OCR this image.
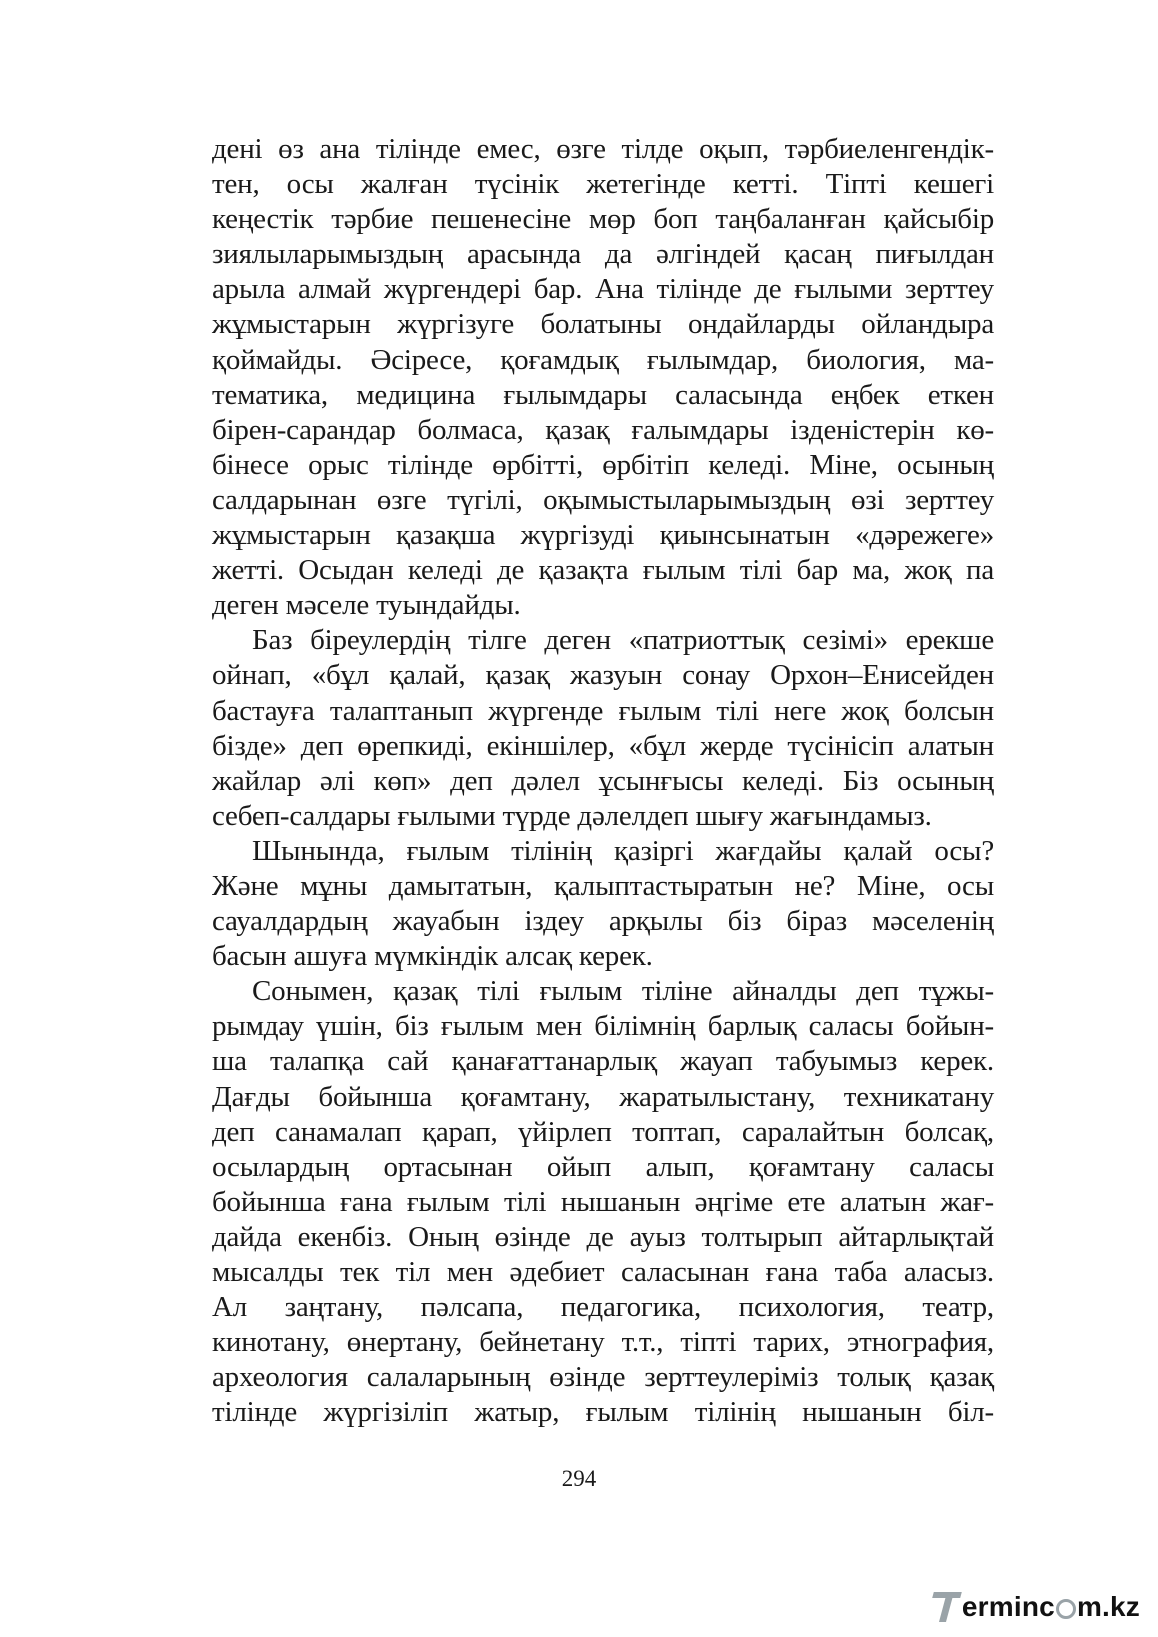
дені өз ана тілінде емес, өзге тілде оқып, тәрбиеленгендік-
тен, осы жалған түсінік жетегінде кетті. Тіпті кешегі
кеңестік тәрбие пешенесіне мөр боп таңбаланған қайсыбір
зиялыларымыздың арасында да әлгіндей қасаң пиғылдан
арыла алмай жүргендері бар. Ана тілінде де ғылыми зерттеу
жұмыстарын жүргізуге болатыны ондайларды ойландыра
қоймайды. Әсіресе, қоғамдық ғылымдар, биология, ма-
тематика, медицина ғылымдары саласында еңбек еткен
бірен-сарандар болмаса, қазақ ғалымдары ізденістерін кө-
бінесе орыс тілінде өрбітті, өрбітіп келеді. Міне, осының
салдарынан өзге түгілі, оқымыстыларымыздың өзі зерттеу
жұмыстарын қазақша жүргізуді қиынсынатын «дәрежеге»
жетті. Осыдан келеді де қазақта ғылым тілі бар ма, жоқ па
деген мәселе туындайды.
Баз біреулердің тілге деген «патриоттық сезімі» ерекше
ойнап, «бұл қалай, қазақ жазуын сонау Орхон–Енисейден
бастауға талаптанып жүргенде ғылым тілі неге жоқ болсын
бізде» деп өрепкиді, екіншілер, «бұл жерде түсінісіп алатын
жайлар әлі көп» деп дәлел ұсынғысы келеді. Біз осының
себеп-салдары ғылыми түрде дәлелдеп шығу жағындамыз.
Шынында, ғылым тілінің қазіргі жағдайы қалай осы?
Және мұны дамытатын, қалыптастыратын не? Міне, осы
сауалдардың жауабын іздеу арқылы біз біраз мәселенің
басын ашуға мүмкіндік алсақ керек.
Сонымен, қазақ тілі ғылым тіліне айналды деп тұжы-
рымдау үшін, біз ғылым мен білімнің барлық саласы бойын-
ша талапқа сай қанағаттанарлық жауап табуымыз керек.
Дағды бойынша қоғамтану, жаратылыстану, техникатану
деп санамалап қарап, үйірлеп топтап, саралайтын болсақ,
осылардың ортасынан ойып алып, қоғамтану саласы
бойынша ғана ғылым тілі нышанын әңгіме ете алатын жағ-
дайда екенбіз. Оның өзінде де ауыз толтырып айтарлықтай
мысалды тек тіл мен әдебиет саласынан ғана таба аласыз.
Ал заңтану, пәлсапа, педагогика, психология, театр,
кинотану, өнертану, бейнетану т.т., тіпті тарих, этнография,
археология салаларының өзінде зерттеулеріміз толық қазақ
тілінде жүргізіліп жатыр, ғылым тілінің нышанын біл-
294
erminc m.kz
